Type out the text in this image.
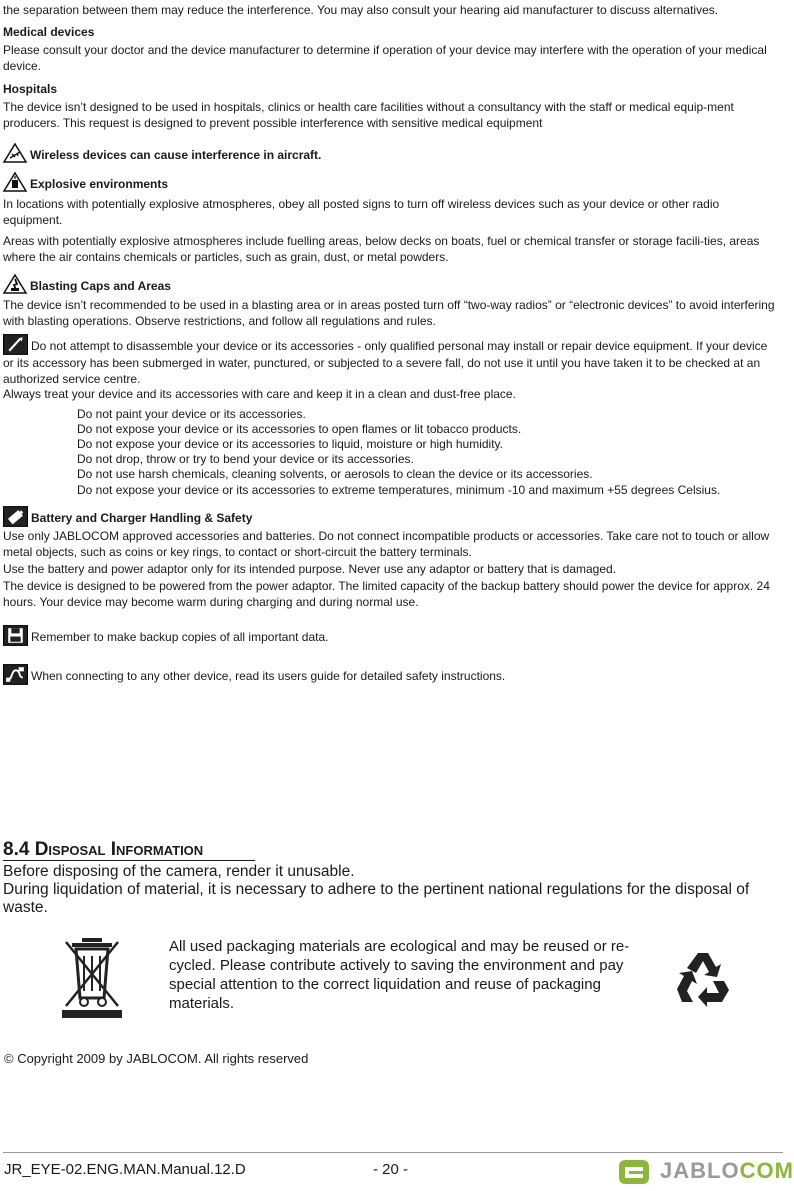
the separation between them may reduce the interference. You may also consult your hearing aid manufacturer to discuss alternatives.
Medical devices
Please consult your doctor and the device manufacturer to determine if operation of your device may interfere with the operation of your medical device.
Hospitals
The device isn’t designed to be used in hospitals, clinics or health care facilities without a consultancy with the staff or medical equip-ment producers. This request is designed to prevent possible interference with sensitive medical equipment
Wireless devices can cause interference in aircraft.
Explosive environments
In locations with potentially explosive atmospheres, obey all posted signs to turn off wireless devices such as your device or other radio equipment.
Areas with potentially explosive atmospheres include fuelling areas, below decks on boats, fuel or chemical transfer or storage facili-ties, areas where the air contains chemicals or particles, such as grain, dust, or metal powders.
Blasting Caps and Areas
The device isn’t recommended to be used in a blasting area or in areas posted turn off “two-way radios” or “electronic devices” to avoid interfering with blasting operations. Observe restrictions, and follow all regulations and rules.
Do not attempt to disassemble your device or its accessories - only qualified personal may install or repair device equipment. If your device or its accessory has been submerged in water, punctured, or subjected to a severe fall, do not use it until you have taken it to be checked at an authorized service centre.
Always treat your device and its accessories with care and keep it in a clean and dust-free place.
Do not paint your device or its accessories.
Do not expose your device or its accessories to open flames or lit tobacco products.
Do not expose your device or its accessories to liquid, moisture or high humidity.
Do not drop, throw or try to bend your device or its accessories.
Do not use harsh chemicals, cleaning solvents, or aerosols to clean the device or its accessories.
Do not expose your device or its accessories to extreme temperatures, minimum -10 and maximum +55 degrees Celsius.
Battery and Charger Handling & Safety
Use only JABLOCOM approved accessories and batteries. Do not connect incompatible products or accessories. Take care not to touch or allow metal objects, such as coins or key rings, to contact or short-circuit the battery terminals.
Use the battery and power adaptor only for its intended purpose. Never use any adaptor or battery that is damaged.
The device is designed to be powered from the power adaptor. The limited capacity of the backup battery should power the device for approx. 24 hours. Your device may become warm during charging and during normal use.
Remember to make backup copies of all important data.
When connecting to any other device, read its users guide for detailed safety instructions.
8.4 Disposal Information
Before disposing of the camera, render it unusable.
During liquidation of material, it is necessary to adhere to the pertinent national regulations for the disposal of waste.
All used packaging materials are ecological and may be reused or re-cycled. Please contribute actively to saving the environment and pay special attention to the correct liquidation and reuse of packaging materials.
© Copyright 2009 by JABLOCOM. All rights reserved
JR_EYE-02.ENG.MAN.Manual.12.D	- 20 -	JABLOCOM
